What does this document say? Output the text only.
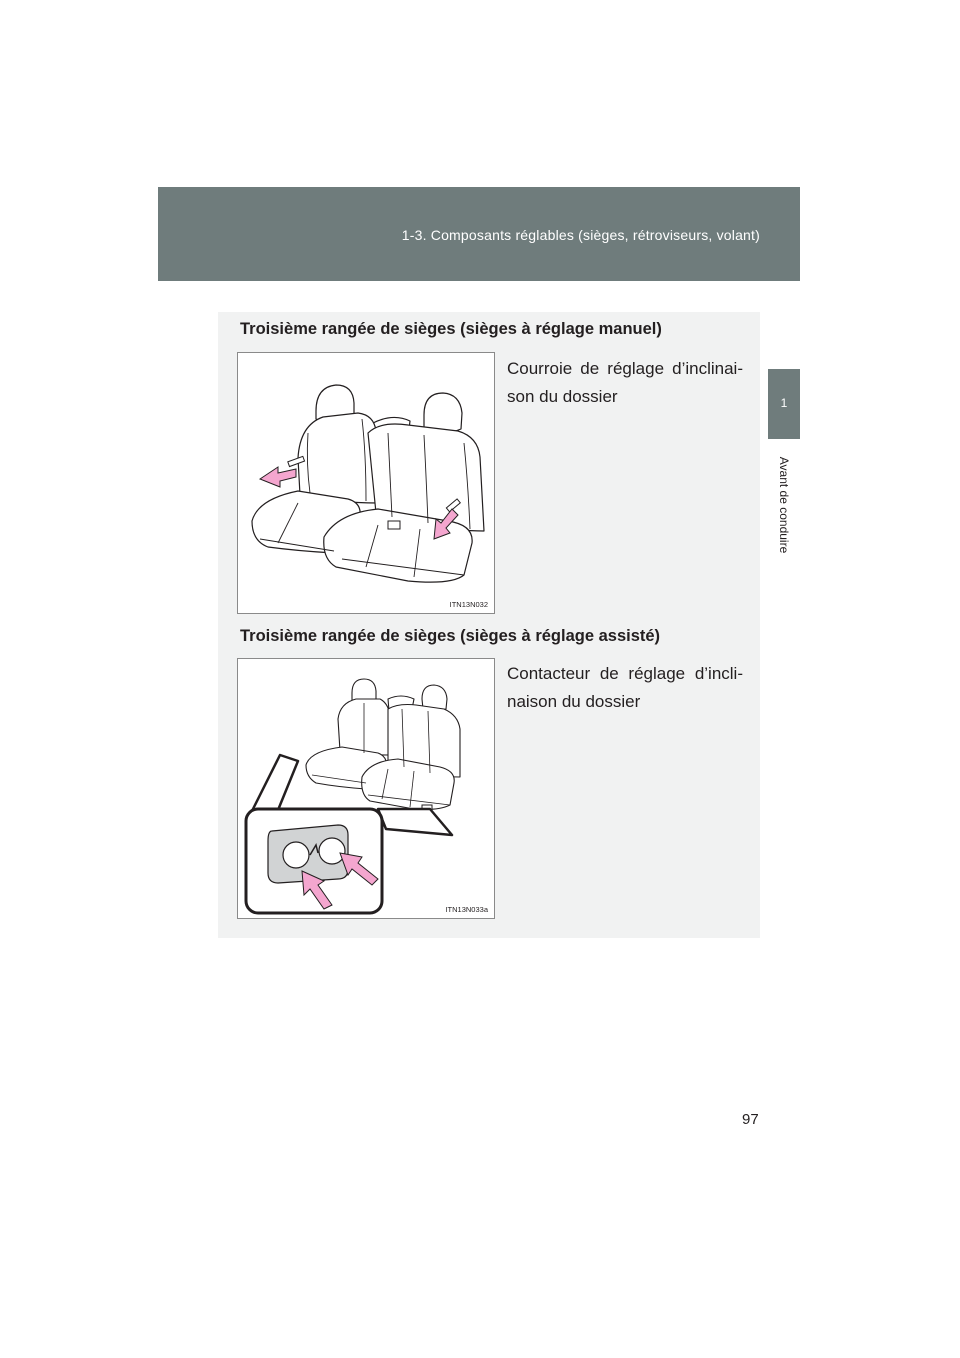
1-3. Composants réglables (sièges, rétroviseurs, volant)
1
Avant de conduire
Troisième rangée de sièges (sièges à réglage manuel)
Courroie de réglage d’inclinai-son du dossier
ITN13N032
Troisième rangée de sièges (sièges à réglage assisté)
Contacteur de réglage d’incli-naison du dossier
ITN13N033a
97
